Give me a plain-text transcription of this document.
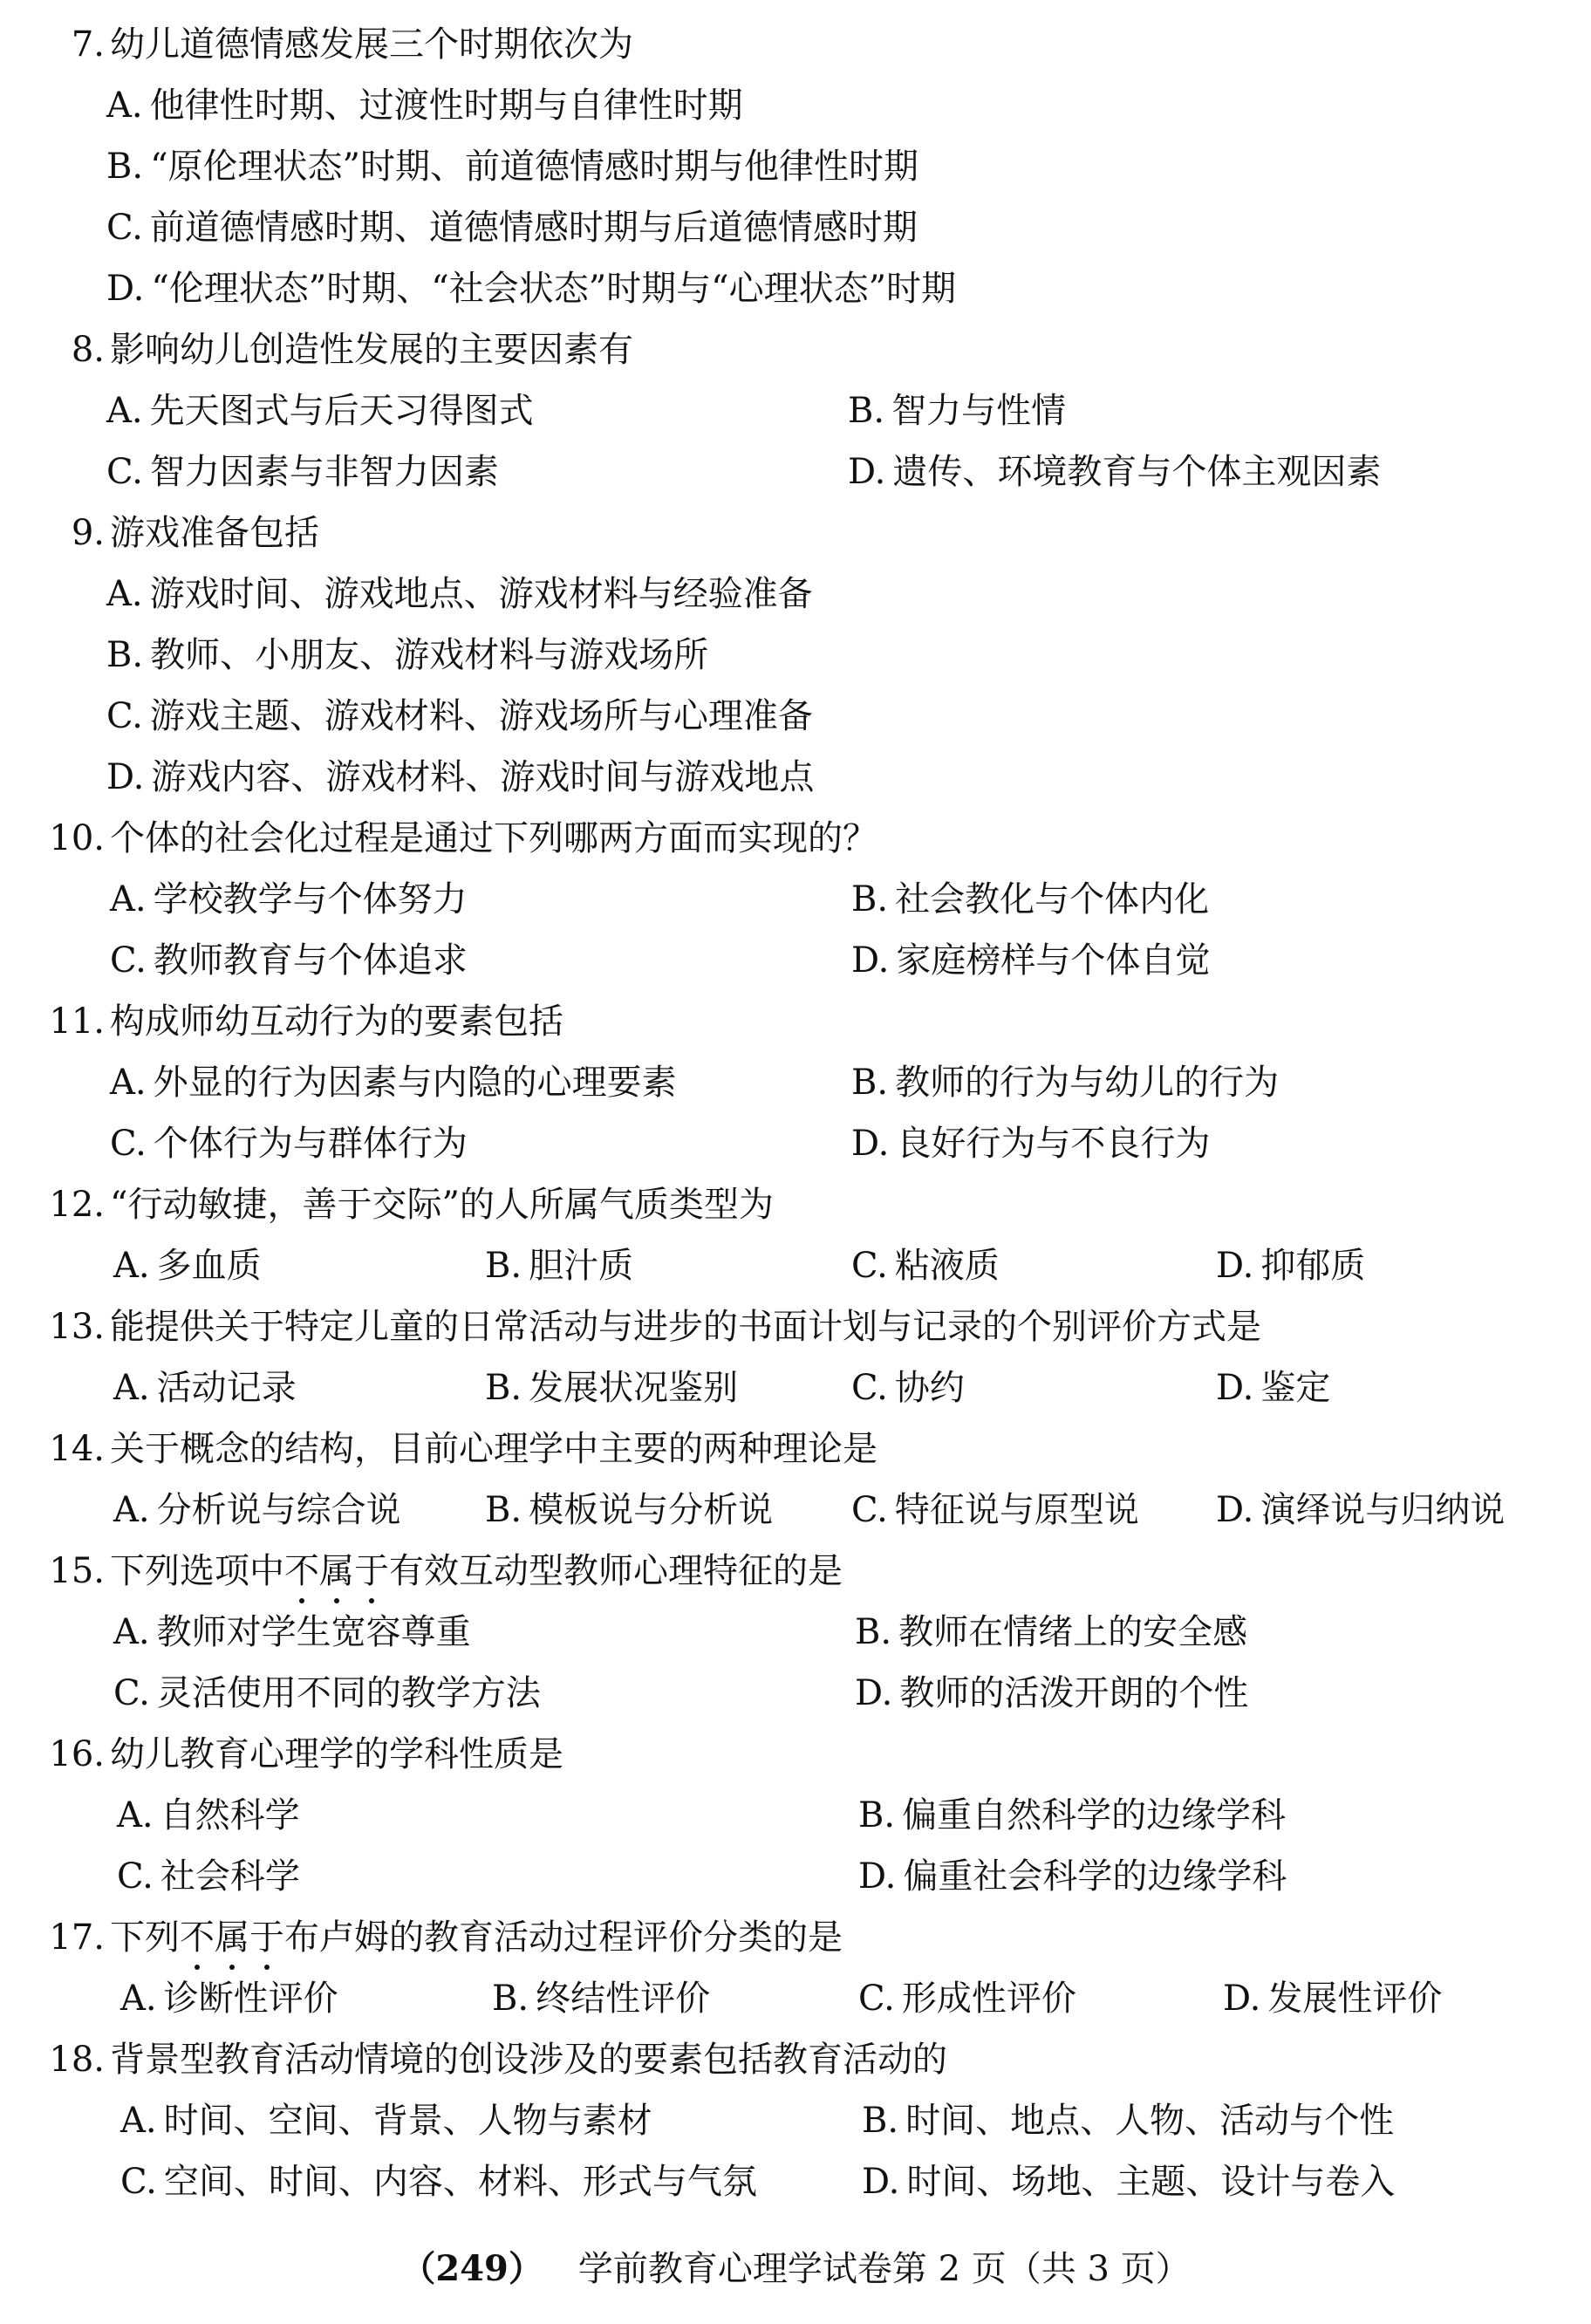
7. 幼儿道德情感发展三个时期依次为
A. 他律性时期、过渡性时期与自律性时期
B. “原伦理状态”时期、前道德情感时期与他律性时期
C. 前道德情感时期、道德情感时期与后道德情感时期
D. “伦理状态”时期、“社会状态”时期与“心理状态”时期
8. 影响幼儿创造性发展的主要因素有
A. 先天图式与后天习得图式	B. 智力与性情
C. 智力因素与非智力因素	D. 遗传、环境教育与个体主观因素
9. 游戏准备包括
A. 游戏时间、游戏地点、游戏材料与经验准备
B. 教师、小朋友、游戏材料与游戏场所
C. 游戏主题、游戏材料、游戏场所与心理准备
D. 游戏内容、游戏材料、游戏时间与游戏地点
10. 个体的社会化过程是通过下列哪两方面而实现的？
A. 学校教学与个体努力	B. 社会教化与个体内化
C. 教师教育与个体追求	D. 家庭榜样与个体自觉
11. 构成师幼互动行为的要素包括
A. 外显的行为因素与内隐的心理要素	B. 教师的行为与幼儿的行为
C. 个体行为与群体行为	D. 良好行为与不良行为
12. “行动敏捷，善于交际”的人所属气质类型为
A. 多血质	B. 胆汁质	C. 粘液质	D. 抑郁质
13. 能提供关于特定儿童的日常活动与进步的书面计划与记录的个别评价方式是
A. 活动记录	B. 发展状况鉴别	C. 协约	D. 鉴定
14. 关于概念的结构，目前心理学中主要的两种理论是
A. 分析说与综合说 B. 模板说与分析说 C. 特征说与原型说 D. 演绎说与归纳说
15. 下列选项中不
属
于
有效互动型教师心理特征的是
A. 教师对学生宽容尊重	B. 教师在情绪上的安全感
C. 灵活使用不同的教学方法	D. 教师的活泼开朗的个性
16. 幼儿教育心理学的学科性质是
A. 自然科学	B. 偏重自然科学的边缘学科
C. 社会科学	D. 偏重社会科学的边缘学科
17. 下列不
属
于
布卢姆的教育活动过程评价分类的是
A. 诊断性评价	B. 终结性评价	C. 形成性评价	D. 发展性评价
18. 背景型教育活动情境的创设涉及的要素包括教育活动的
A. 时间、空间、背景、人物与素材	B. 时间、地点、人物、活动与个性
C. 空间、时间、内容、材料、形式与气氛	D. 时间、场地、主题、设计与卷入
（249） 学前教育心理学试卷第 2 页（共 3 页）
